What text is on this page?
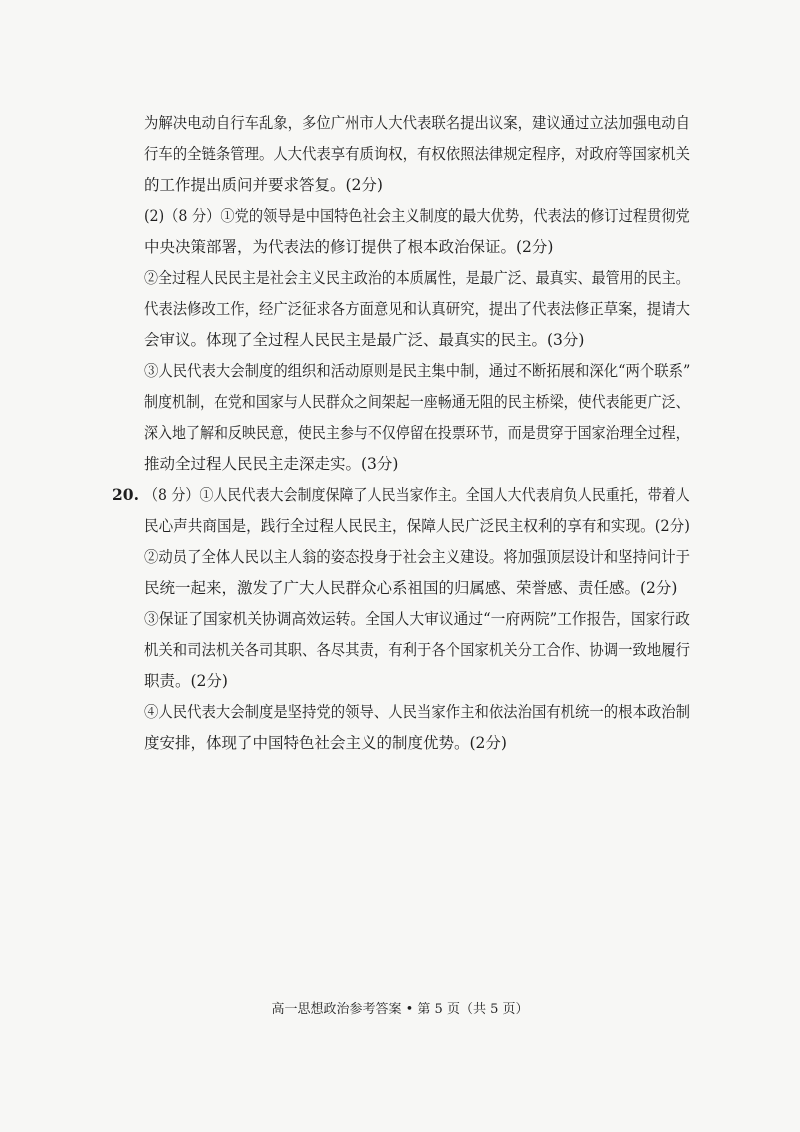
为解决电动自行车乱象，多位广州市人大代表联名提出议案，建议通过立法加强电动自
行车的全链条管理。人大代表享有质询权，有权依照法律规定程序，对政府等国家机关
的工作提出质问并要求答复。(2分)
(2)（8 分）①党的领导是中国特色社会主义制度的最大优势，代表法的修订过程贯彻党
中央决策部署，为代表法的修订提供了根本政治保证。(2分)
②全过程人民民主是社会主义民主政治的本质属性，是最广泛、最真实、最管用的民主。
代表法修改工作，经广泛征求各方面意见和认真研究，提出了代表法修正草案，提请大
会审议。体现了全过程人民民主是最广泛、最真实的民主。(3分)
③人民代表大会制度的组织和活动原则是民主集中制，通过不断拓展和深化“两个联系”
制度机制，在党和国家与人民群众之间架起一座畅通无阻的民主桥梁，使代表能更广泛、
深入地了解和反映民意，使民主参与不仅停留在投票环节，而是贯穿于国家治理全过程，
推动全过程人民民主走深走实。(3分)
20. （8 分）①人民代表大会制度保障了人民当家作主。全国人大代表肩负人民重托，带着人
民心声共商国是，践行全过程人民民主，保障人民广泛民主权利的享有和实现。(2分)
②动员了全体人民以主人翁的姿态投身于社会主义建设。将加强顶层设计和坚持问计于
民统一起来，激发了广大人民群众心系祖国的归属感、荣誉感、责任感。(2分)
③保证了国家机关协调高效运转。全国人大审议通过“一府两院”工作报告，国家行政
机关和司法机关各司其职、各尽其责，有利于各个国家机关分工合作、协调一致地履行
职责。(2分)
④人民代表大会制度是坚持党的领导、人民当家作主和依法治国有机统一的根本政治制
度安排，体现了中国特色社会主义的制度优势。(2分)
高一思想政治参考答案 • 第 5 页（共 5 页）
